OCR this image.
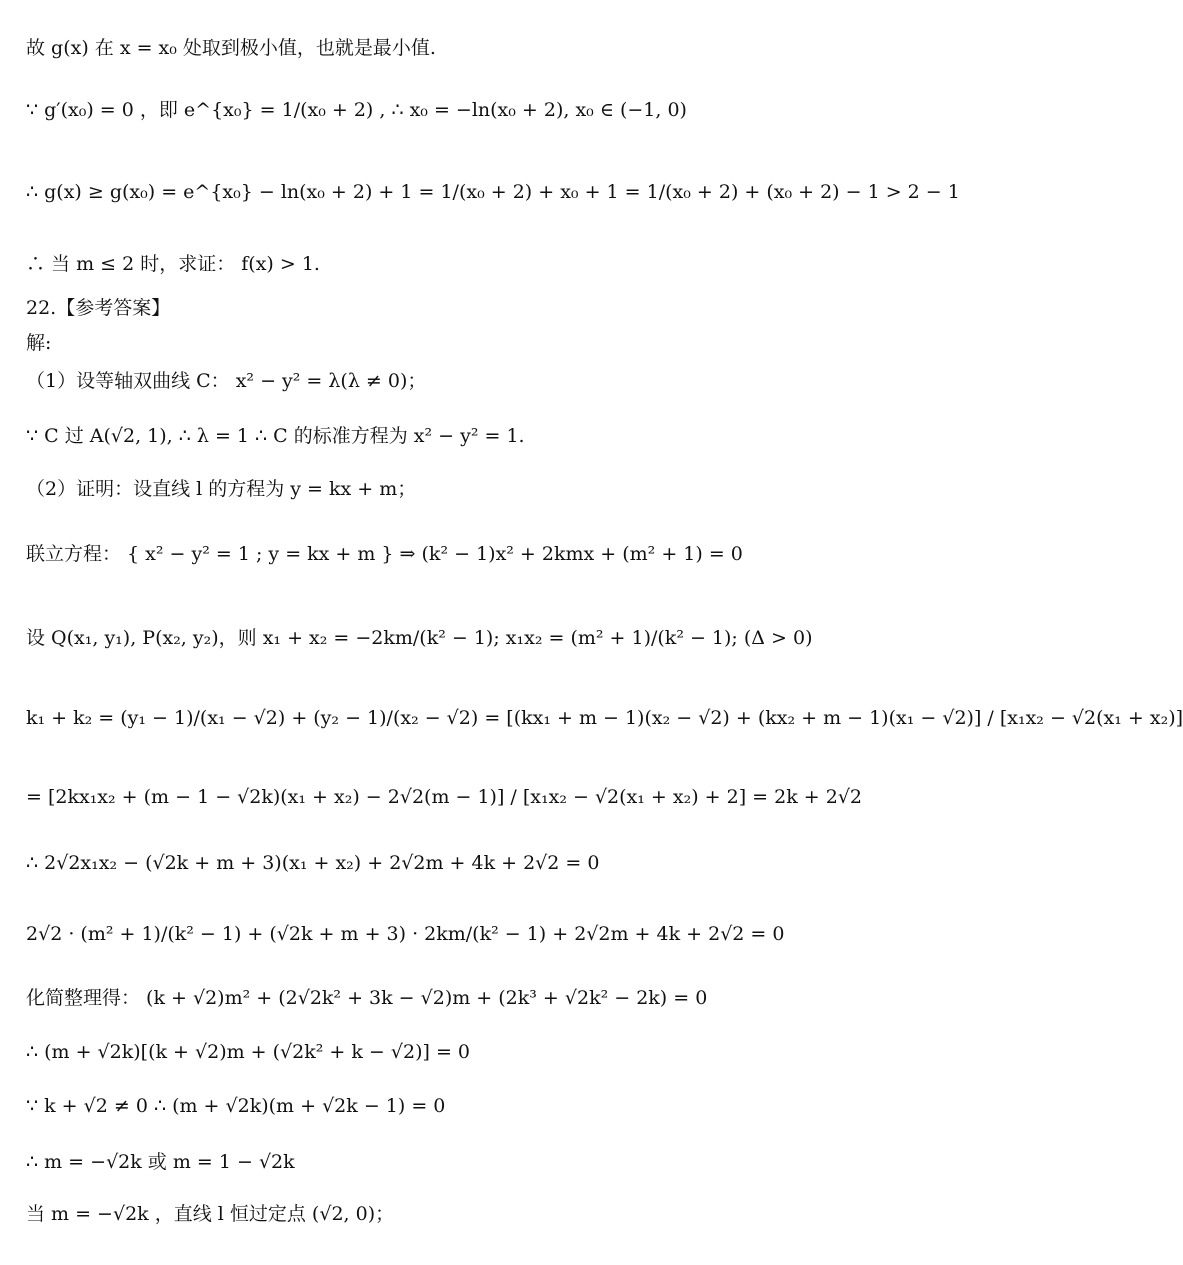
故 g(x) 在 x = x₀ 处取到极小值，也就是最小值.
∵ g′(x₀) = 0 ，即 e^{x₀} = 1/(x₀ + 2) , ∴ x₀ = −ln(x₀ + 2), x₀ ∈ (−1, 0)
∴ g(x) ≥ g(x₀) = e^{x₀} − ln(x₀ + 2) + 1 = 1/(x₀ + 2) + x₀ + 1 = 1/(x₀ + 2) + (x₀ + 2) − 1 > 2 − 1
∴ 当 m ≤ 2 时，求证： f(x) > 1.
22.【参考答案】
解:
（1）设等轴双曲线 C： x² − y² = λ(λ ≠ 0)；
∵ C 过 A(√2, 1), ∴ λ = 1 ∴ C 的标准方程为 x² − y² = 1.
（2）证明：设直线 l 的方程为 y = kx + m；
联立方程： { x² − y² = 1 ; y = kx + m } ⇒ (k² − 1)x² + 2kmx + (m² + 1) = 0
设 Q(x₁, y₁), P(x₂, y₂)，则 x₁ + x₂ = −2km/(k² − 1); x₁x₂ = (m² + 1)/(k² − 1); (Δ > 0)
k₁ + k₂ = (y₁ − 1)/(x₁ − √2) + (y₂ − 1)/(x₂ − √2) = [(kx₁ + m − 1)(x₂ − √2) + (kx₂ + m − 1)(x₁ − √2)] / [x₁x₂ − √2(x₁ + x₂)]
= [2kx₁x₂ + (m − 1 − √2k)(x₁ + x₂) − 2√2(m − 1)] / [x₁x₂ − √2(x₁ + x₂) + 2] = 2k + 2√2
∴ 2√2x₁x₂ − (√2k + m + 3)(x₁ + x₂) + 2√2m + 4k + 2√2 = 0
2√2 · (m² + 1)/(k² − 1) + (√2k + m + 3) · 2km/(k² − 1) + 2√2m + 4k + 2√2 = 0
化简整理得： (k + √2)m² + (2√2k² + 3k − √2)m + (2k³ + √2k² − 2k) = 0
∴ (m + √2k)[(k + √2)m + (√2k² + k − √2)] = 0
∵ k + √2 ≠ 0 ∴ (m + √2k)(m + √2k − 1) = 0
∴ m = −√2k 或 m = 1 − √2k
当 m = −√2k ，直线 l 恒过定点 (√2, 0)；
